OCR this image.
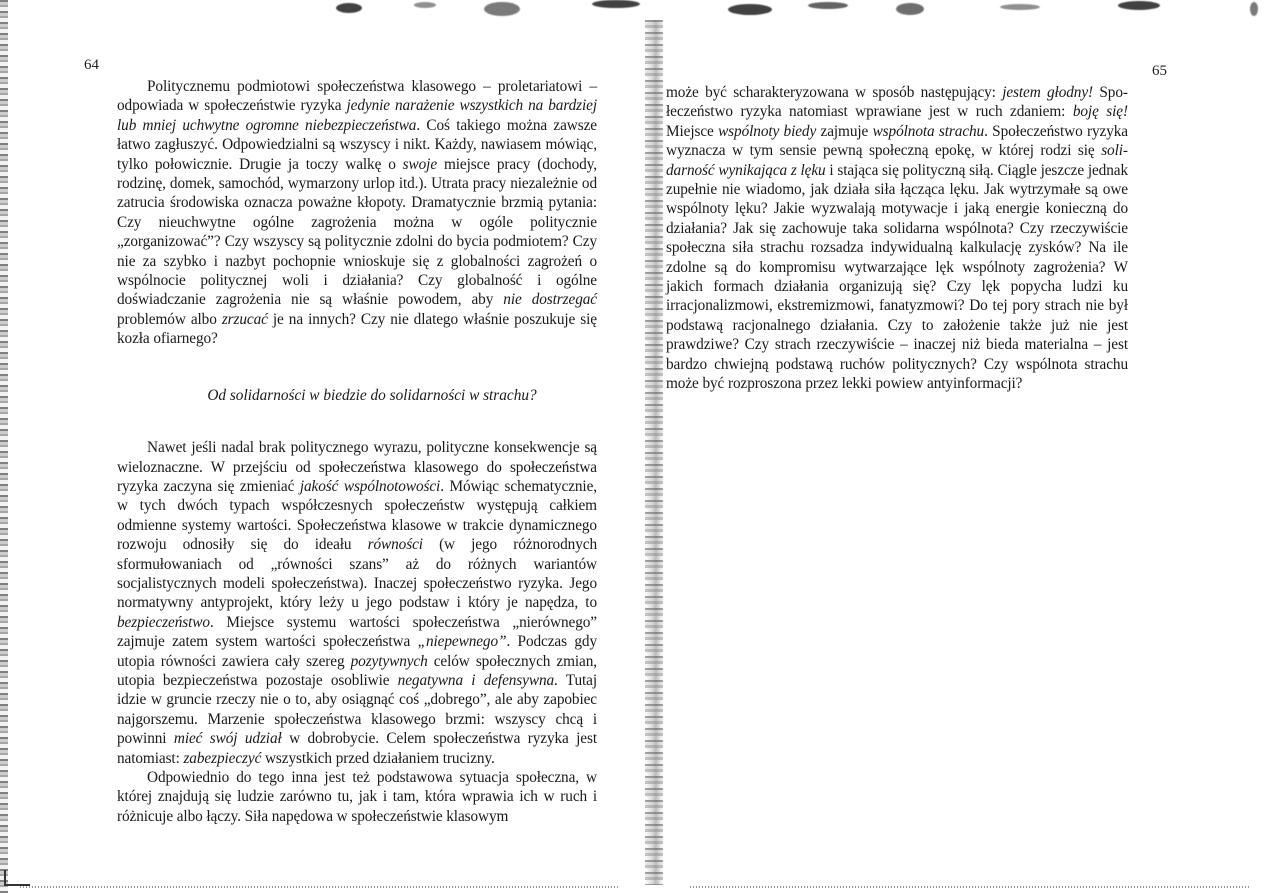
64

Politycznemu podmiotowi społeczeństwa klasowego – proletariatowi – odpowiada w społeczeństwie ryzyka jedynie narażenie wszystkich na bardziej lub mniej uchwytne ogromne niebezpieczeństwa. Coś takiego można zawsze łatwo zagłuszyć. Odpowiedzialni są wszyscy i nikt. Każdy, nawiasem mówiąc, tylko połowicznie. Drugie ja toczy walkę o swoje miejsce pracy (dochody, rodzinę, domek, samochód, wymarzony urlop itd.). Utrata pracy niezależnie od zatrucia środowiska oznacza poważne kłopoty. Dramatycznie brzmią pytania: Czy nieuchwytne ogólne zagrożenia można w ogóle politycznie „zorganizować”? Czy wszyscy są politycznie zdolni do bycia podmiotem? Czy nie za szybko i nazbyt pochopnie wnioskuje się z globalności zagrożeń o wspólnocie politycznej woli i działania? Czy globalność i ogólne doświadczanie zagrożenia nie są właśnie powodem, aby nie dostrzegać problemów albo zrzucać je na innych? Czy nie dlatego właśnie poszukuje się kozła ofiarnego?

Od solidarności w biedzie do solidarności w strachu?

Nawet jeśli nadal brak politycznego wyrazu, polityczne konsekwencje są wieloznaczne. W przejściu od społeczeństwa klasowego do społeczeństwa ryzyka zaczyna się zmieniać jakość wspólnotowości. Mówiąc schematycznie, w tych dwóch typach współczesnych społeczeństw występują całkiem odmienne systemy wartości. Społeczeństwa klasowe w trakcie dynamicznego rozwoju odnosiły się do ideału równości (w jego różnorodnych sformułowaniach od „równości szans” aż do różnych wariantów socjalistycznych modeli społeczeństwa). Inaczej społeczeństwo ryzyka. Jego normatywny antyprojekt, który leży u jego podstaw i który je napędza, to bezpieczeństwo. Miejsce systemu wartości społeczeństwa „nierównego” zajmuje zatem system wartości społeczeństwa „niepewnego”. Podczas gdy utopia równości zawiera cały szereg pozytywnych celów społecznych zmian, utopia bezpieczeństwa pozostaje osobliwie negatywna i defensywna. Tutaj idzie w gruncie rzeczy nie o to, aby osiągnąć coś „dobrego”, ale aby zapobiec najgorszemu. Marzenie społeczeństwa klasowego brzmi: wszyscy chcą i powinni mieć swój udział w dobrobycie. Celem społeczeństwa ryzyka jest natomiast: zabezpieczyć wszystkich przed działaniem trucizny.

Odpowiednio do tego inna jest też podstawowa sytuacja społeczna, w której znajdują się ludzie zarówno tu, jak i tam, która wprawia ich w ruch i różnicuje albo łączy. Siła napędowa w społeczeństwie klasowym

65

może być scharakteryzowana w sposób następujący: jestem głodny! Społeczeństwo ryzyka natomiast wprawiane jest w ruch zdaniem: boję się! Miejsce wspólnoty biedy zajmuje wspólnota strachu. Społeczeństwo ryzyka wyznacza w tym sensie pewną społeczną epokę, w której rodzi się solidarność wynikająca z lęku i stająca się polityczną siłą. Ciągle jeszcze jednak zupełnie nie wiadomo, jak działa siła łącząca lęku. Jak wytrzymałe są owe wspólnoty lęku? Jakie wyzwalają motywacje i jaką energie konieczną do działania? Jak się zachowuje taka solidarna wspólnota? Czy rzeczywiście społeczna siła strachu rozsadza indywidualną kalkulację zysków? Na ile zdolne są do kompromisu wytwarzające lęk wspólnoty zagrożenia? W jakich formach działania organizują się? Czy lęk popycha ludzi ku irracjonalizmowi, ekstremizmowi, fanatyzmowi? Do tej pory strach nie był podstawą racjonalnego działania. Czy to założenie także już nie jest prawdziwe? Czy strach rzeczywiście – inaczej niż bieda materialna – jest bardzo chwiejną podstawą ruchów politycznych? Czy wspólnota strachu może być rozproszona przez lekki powiew antyinformacji?
